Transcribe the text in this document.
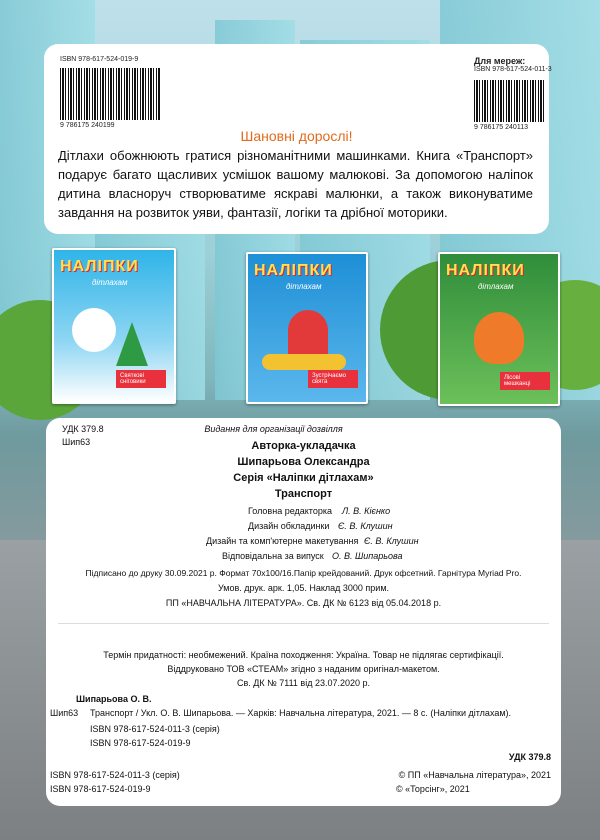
ISBN 978-617-524-019-9
9 786175 240199
Для мереж:
ISBN 978-617-524-011-3
9 786175 240113
Шановні дорослі!
Дітлахи обожнюють гратися різноманітними машинками. Книга «Транспорт» подарує багато щасливих усмішок вашому малюкові. За допомогою наліпок дитина власноруч створюватиме яскраві малюнки, а також виконуватиме завдання на розвиток уяви, фантазії, логіки та дрібної моторики.
НАЛІПКИ
дітлахам
Святкові сніговики
НАЛІПКИ
дітлахам
Зустрічаємо свята
НАЛІПКИ
дітлахам
Лісові мешканці
УДК 379.8
Шип63
Видання для організації дозвілля
Авторка-укладачка
Шипарьова Олександра
Серія «Наліпки дітлахам»
Транспорт
Головна редакторка Л. В. Кієнко
Дизайн обкладинки Є. В. Клушин
Дизайн та комп'ютерне макетування Є. В. Клушин
Відповідальна за випуск О. В. Шипарьова
Підписано до друку 30.09.2021 р. Формат 70x100/16.Папір крейдований. Друк офсетний. Гарнітура Myriad Pro.
Умов. друк. арк. 1,05. Наклад 3000 прим.
ПП «НАВЧАЛЬНА ЛІТЕРАТУРА». Св. ДК № 6123 від 05.04.2018 р.
Термін придатності: необмежений. Країна походження: Україна. Товар не підлягає сертифікації.
Віддруковано ТОВ «СТЕАМ» згідно з наданим оригінал-макетом.
Св. ДК № 7111 від 23.07.2020 р.
Шипарьова О. В.
Шип63 Транспорт / Укл. О. В. Шипарьова. — Харків: Навчальна література, 2021. — 8 с. (Наліпки дітлахам).
ISBN 978-617-524-011-3 (серія)
ISBN 978-617-524-019-9
УДК 379.8
ISBN 978-617-524-011-3 (серія)
ISBN 978-617-524-019-9
© ПП «Навчальна література», 2021
© «Торсінг», 2021
